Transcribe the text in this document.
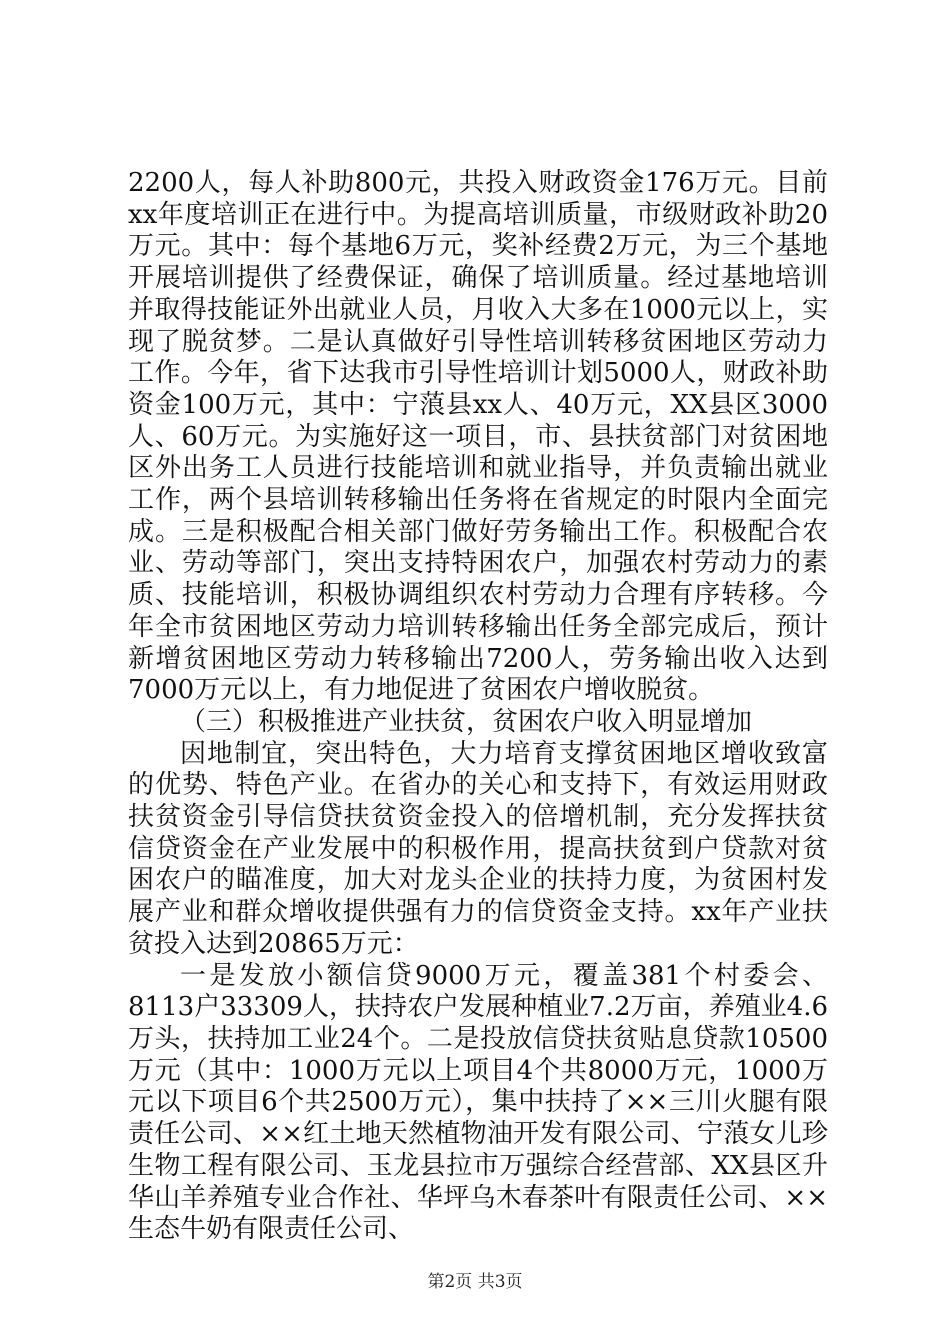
2200人，每人补助800元，共投入财政资金176万元。目前xx年度培训正在进行中。为提高培训质量，市级财政补助20万元。其中：每个基地6万元，奖补经费2万元，为三个基地开展培训提供了经费保证，确保了培训质量。经过基地培训并取得技能证外出就业人员，月收入大多在1000元以上，实现了脱贫梦。二是认真做好引导性培训转移贫困地区劳动力工作。今年，省下达我市引导性培训计划5000人，财政补助资金100万元，其中：宁蒗县xx人、40万元，XX县区3000人、60万元。为实施好这一项目，市、县扶贫部门对贫困地区外出务工人员进行技能培训和就业指导，并负责输出就业工作，两个县培训转移输出任务将在省规定的时限内全面完成。三是积极配合相关部门做好劳务输出工作。积极配合农业、劳动等部门，突出支持特困农户，加强农村劳动力的素质、技能培训，积极协调组织农村劳动力合理有序转移。今年全市贫困地区劳动力培训转移输出任务全部完成后，预计新增贫困地区劳动力转移输出7200人，劳务输出收入达到7000万元以上，有力地促进了贫困农户增收脱贫。

（三）积极推进产业扶贫，贫困农户收入明显增加

因地制宜，突出特色，大力培育支撑贫困地区增收致富的优势、特色产业。在省办的关心和支持下，有效运用财政扶贫资金引导信贷扶贫资金投入的倍增机制，充分发挥扶贫信贷资金在产业发展中的积极作用，提高扶贫到户贷款对贫困农户的瞄准度，加大对龙头企业的扶持力度，为贫困村发展产业和群众增收提供强有力的信贷资金支持。xx年产业扶贫投入达到20865万元：

一是发放小额信贷9000万元，覆盖381个村委会、8113户33309人，扶持农户发展种植业7.2万亩，养殖业4.6万头，扶持加工业24个。二是投放信贷扶贫贴息贷款10500万元（其中：1000万元以上项目4个共8000万元，1000万元以下项目6个共2500万元），集中扶持了××三川火腿有限责任公司、××红土地天然植物油开发有限公司、宁蒗女儿珍生物工程有限公司、玉龙县拉市万强综合经营部、XX县区升华山羊养殖专业合作社、华坪乌木春茶叶有限责任公司、××生态牛奶有限责任公司、

第2页 共3页
